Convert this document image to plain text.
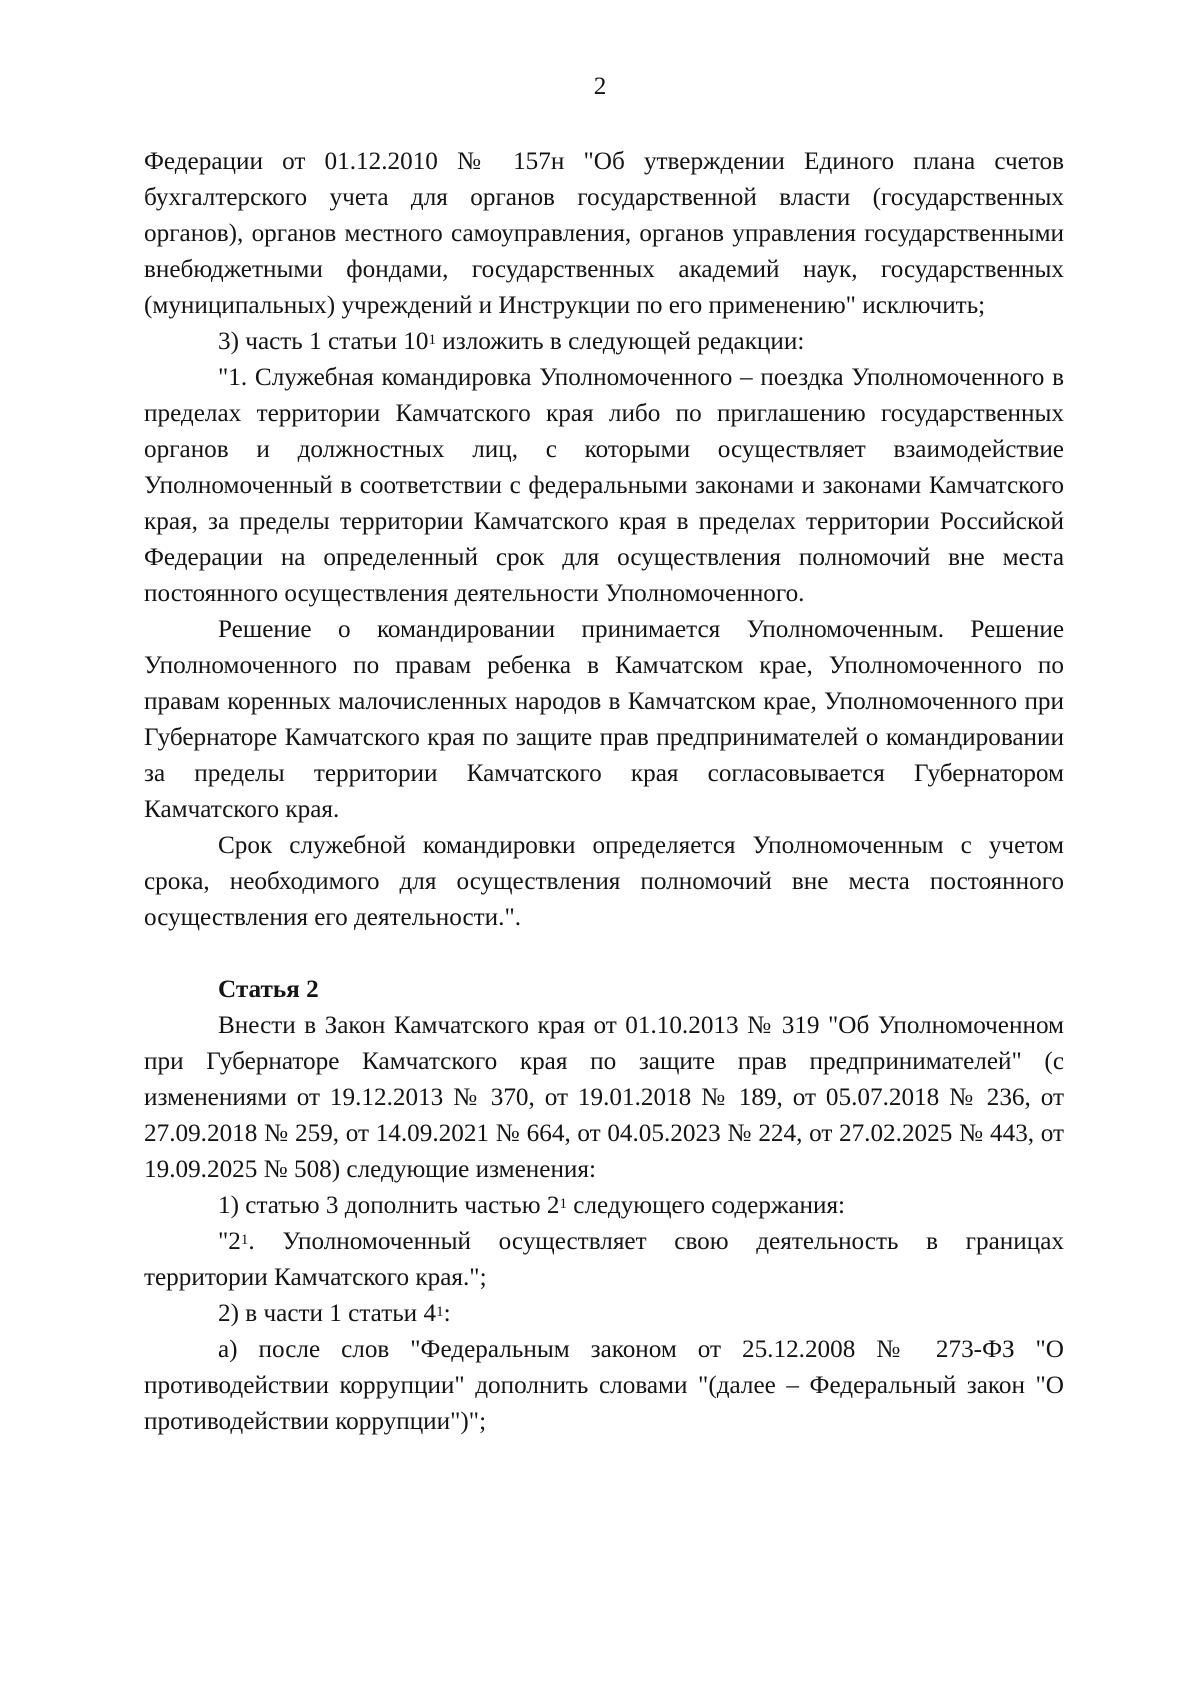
2

Федерации от 01.12.2010 № 157н "Об утверждении Единого плана счетов бухгалтерского учета для органов государственной власти (государственных органов), органов местного самоуправления, органов управления государственными внебюджетными фондами, государственных академий наук, государственных (муниципальных) учреждений и Инструкции по его применению" исключить;

3) часть 1 статьи $10^1$ изложить в следующей редакции:

"1. Служебная командировка Уполномоченного – поездка Уполномоченного в пределах территории Камчатского края либо по приглашению государственных органов и должностных лиц, с которыми осуществляет взаимодействие Уполномоченный в соответствии с федеральными законами и законами Камчатского края, за пределы территории Камчатского края в пределах территории Российской Федерации на определенный срок для осуществления полномочий вне места постоянного осуществления деятельности Уполномоченного.

Решение о командировании принимается Уполномоченным. Решение Уполномоченного по правам ребенка в Камчатском крае, Уполномоченного по правам коренных малочисленных народов в Камчатском крае, Уполномоченного при Губернаторе Камчатского края по защите прав предпринимателей о командировании за пределы территории Камчатского края согласовывается Губернатором Камчатского края.

Срок служебной командировки определяется Уполномоченным с учетом срока, необходимого для осуществления полномочий вне места постоянного осуществления его деятельности.".

Статья 2

Внести в Закон Камчатского края от 01.10.2013 № 319 "Об Уполномоченном при Губернаторе Камчатского края по защите прав предпринимателей" (с изменениями от 19.12.2013 № 370, от 19.01.2018 № 189, от 05.07.2018 № 236, от 27.09.2018 № 259, от 14.09.2021 № 664, от 04.05.2023 № 224, от 27.02.2025 № 443, от 19.09.2025 № 508) следующие изменения:

1) статью 3 дополнить частью $2^1$ следующего содержания:

"$2^1$. Уполномоченный осуществляет свою деятельность в границах территории Камчатского края.";

2) в части 1 статьи $4^1$:

а) после слов "Федеральным законом от 25.12.2008 № 273-ФЗ "О противодействии коррупции" дополнить словами "(далее – Федеральный закон "О противодействии коррупции")";
